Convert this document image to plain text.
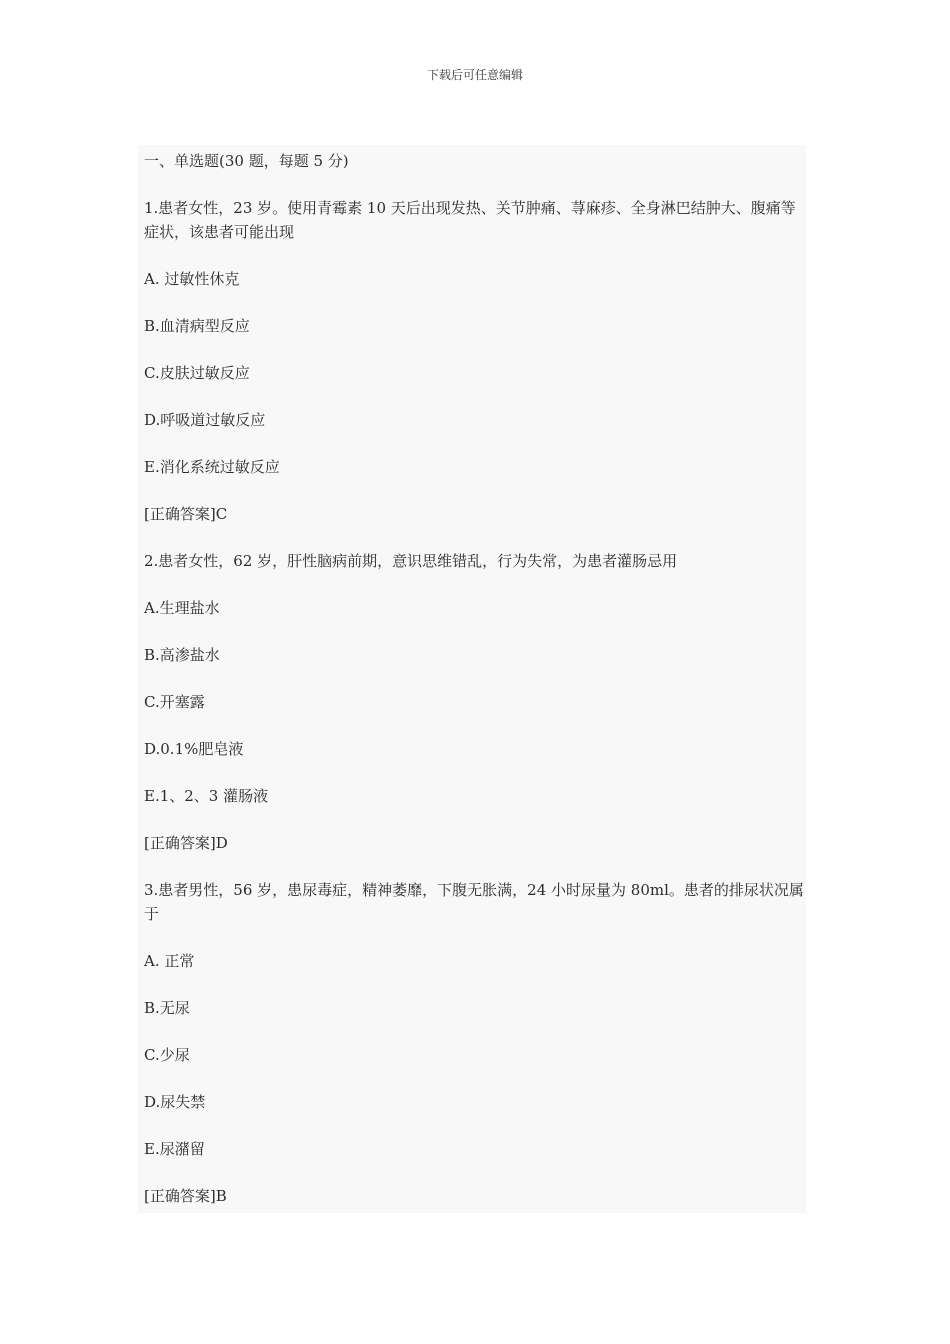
下载后可任意编辑

一、单选题(30 题，每题 5 分)

1.患者女性，23 岁。使用青霉素 10 天后出现发热、关节肿痛、荨麻疹、全身淋巴结肿大、腹痛等症状，该患者可能出现

A. 过敏性休克

B.血清病型反应

C.皮肤过敏反应

D.呼吸道过敏反应

E.消化系统过敏反应

[正确答案]C

2.患者女性，62 岁，肝性脑病前期，意识思维错乱，行为失常，为患者灌肠忌用

A.生理盐水

B.高渗盐水

C.开塞露

D.0.1%肥皂液

E.1、2、3 灌肠液

[正确答案]D

3.患者男性，56 岁，患尿毒症，精神萎靡，下腹无胀满，24 小时尿量为 80ml。患者的排尿状况属于

A. 正常

B.无尿

C.少尿

D.尿失禁

E.尿潴留

[正确答案]B
